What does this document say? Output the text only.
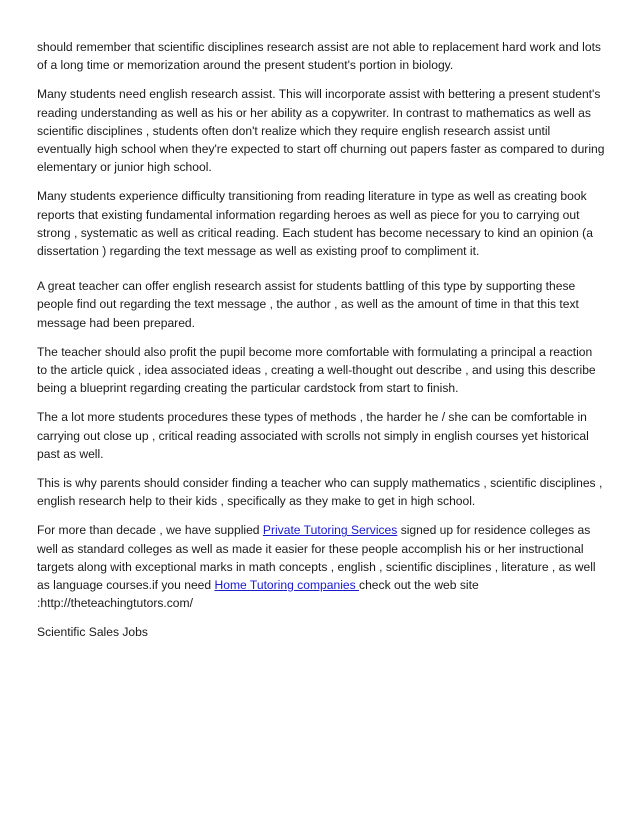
should remember that scientific disciplines research assist are not able to replacement hard work and lots of a long time or memorization around the present student's portion in biology.

Many students need english research assist. This will incorporate assist with bettering a present student's reading understanding as well as his or her ability as a copywriter. In contrast to mathematics as well as scientific disciplines , students often don't realize which they require english research assist until eventually high school when they're expected to start off churning out papers faster as compared to during elementary or junior high school.

Many students experience difficulty transitioning from reading literature in type as well as creating book reports that existing fundamental information regarding heroes as well as piece for you to carrying out strong , systematic as well as critical reading. Each student has become necessary to kind an opinion (a dissertation ) regarding the text message as well as existing proof to compliment it.

A great teacher can offer english research assist for students battling of this type by supporting these people find out regarding the text message , the author , as well as the amount of time in that this text message had been prepared.

The teacher should also profit the pupil become more comfortable with formulating a principal a reaction to the article quick , idea associated ideas , creating a well-thought out describe , and using this describe being a blueprint regarding creating the particular cardstock from start to finish.

The a lot more students procedures these types of methods , the harder he / she can be comfortable in carrying out close up , critical reading associated with scrolls not simply in english courses yet historical past as well.

This is why parents should consider finding a teacher who can supply mathematics , scientific disciplines , english research help to their kids , specifically as they make to get in high school.

For more than decade , we have supplied Private Tutoring Services signed up for residence colleges as well as standard colleges as well as made it easier for these people accomplish his or her instructional targets along with exceptional marks in math concepts , english , scientific disciplines , literature , as well as language courses.if you need Home Tutoring companies check out the web site :http://theteachingtutors.com/

Scientific Sales Jobs
